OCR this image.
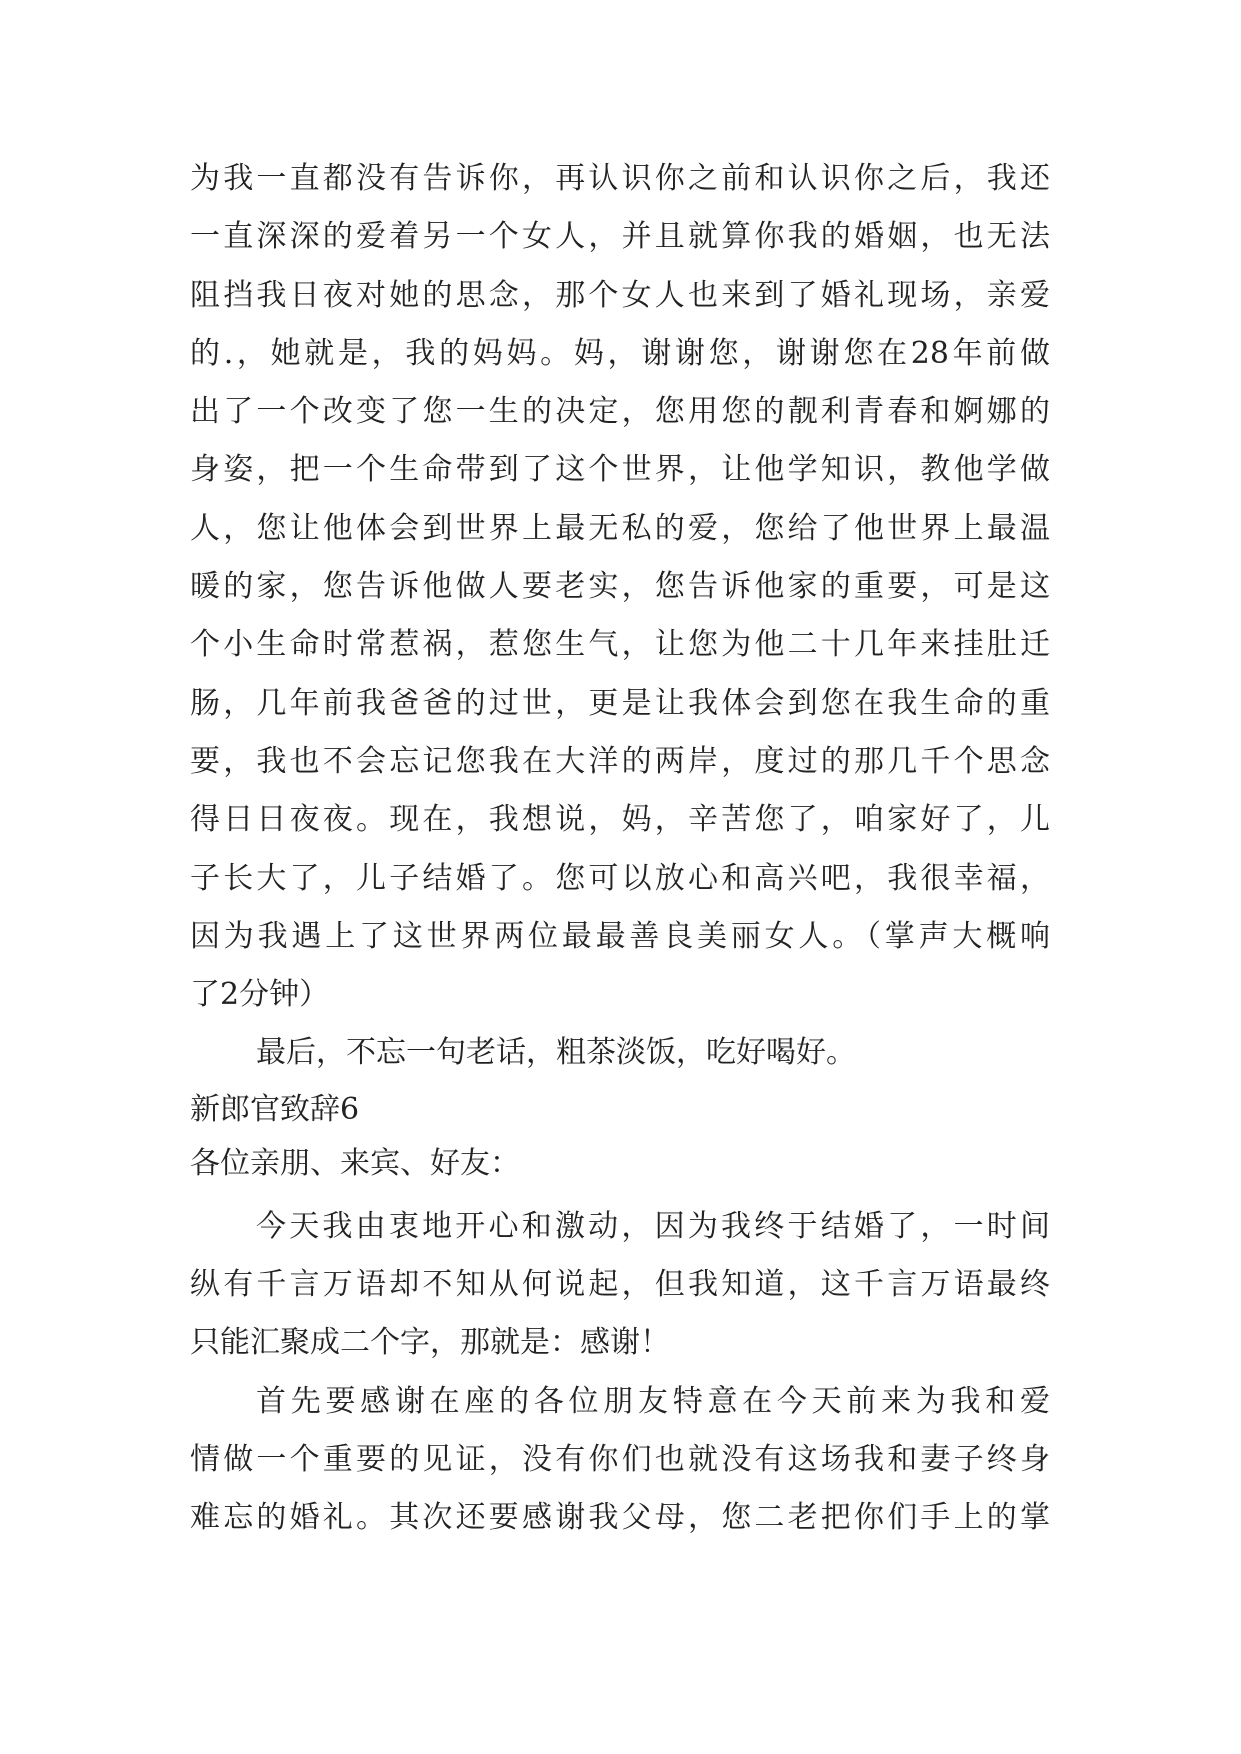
为我一直都没有告诉你，再认识你之前和认识你之后，我还
一直深深的爱着另一个女人，并且就算你我的婚姻，也无法
阻挡我日夜对她的思念，那个女人也来到了婚礼现场，亲爱
的.，她就是，我的妈妈。妈，谢谢您，谢谢您在28年前做
出了一个改变了您一生的决定，您用您的靓利青春和婀娜的
身姿，把一个生命带到了这个世界，让他学知识，教他学做
人，您让他体会到世界上最无私的爱，您给了他世界上最温
暖的家，您告诉他做人要老实，您告诉他家的重要，可是这
个小生命时常惹祸，惹您生气，让您为他二十几年来挂肚迁
肠，几年前我爸爸的过世，更是让我体会到您在我生命的重
要，我也不会忘记您我在大洋的两岸，度过的那几千个思念
得日日夜夜。现在，我想说，妈，辛苦您了，咱家好了，儿
子长大了，儿子结婚了。您可以放心和高兴吧，我很幸福，
因为我遇上了这世界两位最最善良美丽女人。（掌声大概响
了2分钟）
最后，不忘一句老话，粗茶淡饭，吃好喝好。
新郎官致辞6
各位亲朋、来宾、好友：
今天我由衷地开心和激动，因为我终于结婚了，一时间
纵有千言万语却不知从何说起，但我知道，这千言万语最终
只能汇聚成二个字，那就是：感谢！
首先要感谢在座的各位朋友特意在今天前来为我和爱
情做一个重要的见证，没有你们也就没有这场我和妻子终身
难忘的婚礼。其次还要感谢我父母，您二老把你们手上的掌
